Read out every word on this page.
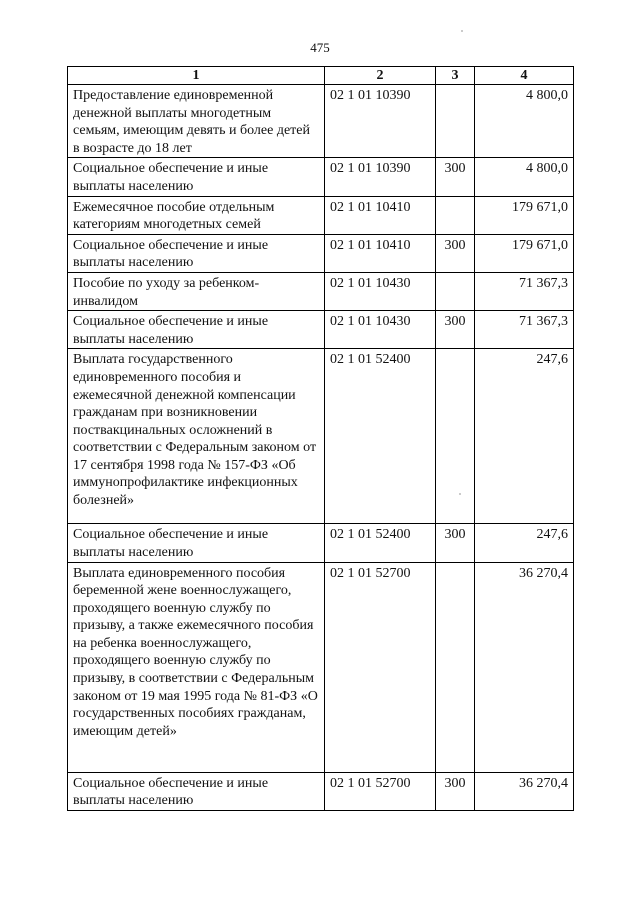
475
1	2	3	4
Предоставление единовременной денежной выплаты многодетным семьям, имеющим девять и более детей в возрасте до 18 лет	02 1 01 10390		4 800,0
Социальное обеспечение и иные выплаты населению	02 1 01 10390	300	4 800,0
Ежемесячное пособие отдельным категориям многодетных семей	02 1 01 10410		179 671,0
Социальное обеспечение и иные выплаты населению	02 1 01 10410	300	179 671,0
Пособие по уходу за ребенком-инвалидом	02 1 01 10430		71 367,3
Социальное обеспечение и иные выплаты населению	02 1 01 10430	300	71 367,3
Выплата государственного единовременного пособия и ежемесячной денежной компенсации гражданам при возникновении поствакцинальных осложнений в соответствии с Федеральным законом от 17 сентября 1998 года № 157-ФЗ «Об иммунопрофилактике инфекционных болезней»	02 1 01 52400		247,6
Социальное обеспечение и иные выплаты населению	02 1 01 52400	300	247,6
Выплата единовременного пособия беременной жене военнослужащего, проходящего военную службу по призыву, а также ежемесячного пособия на ребенка военнослужащего, проходящего военную службу по призыву, в соответствии с Федеральным законом от 19 мая 1995 года № 81-ФЗ «О государственных пособиях гражданам, имеющим детей»	02 1 01 52700		36 270,4
Социальное обеспечение и иные выплаты населению	02 1 01 52700	300	36 270,4
